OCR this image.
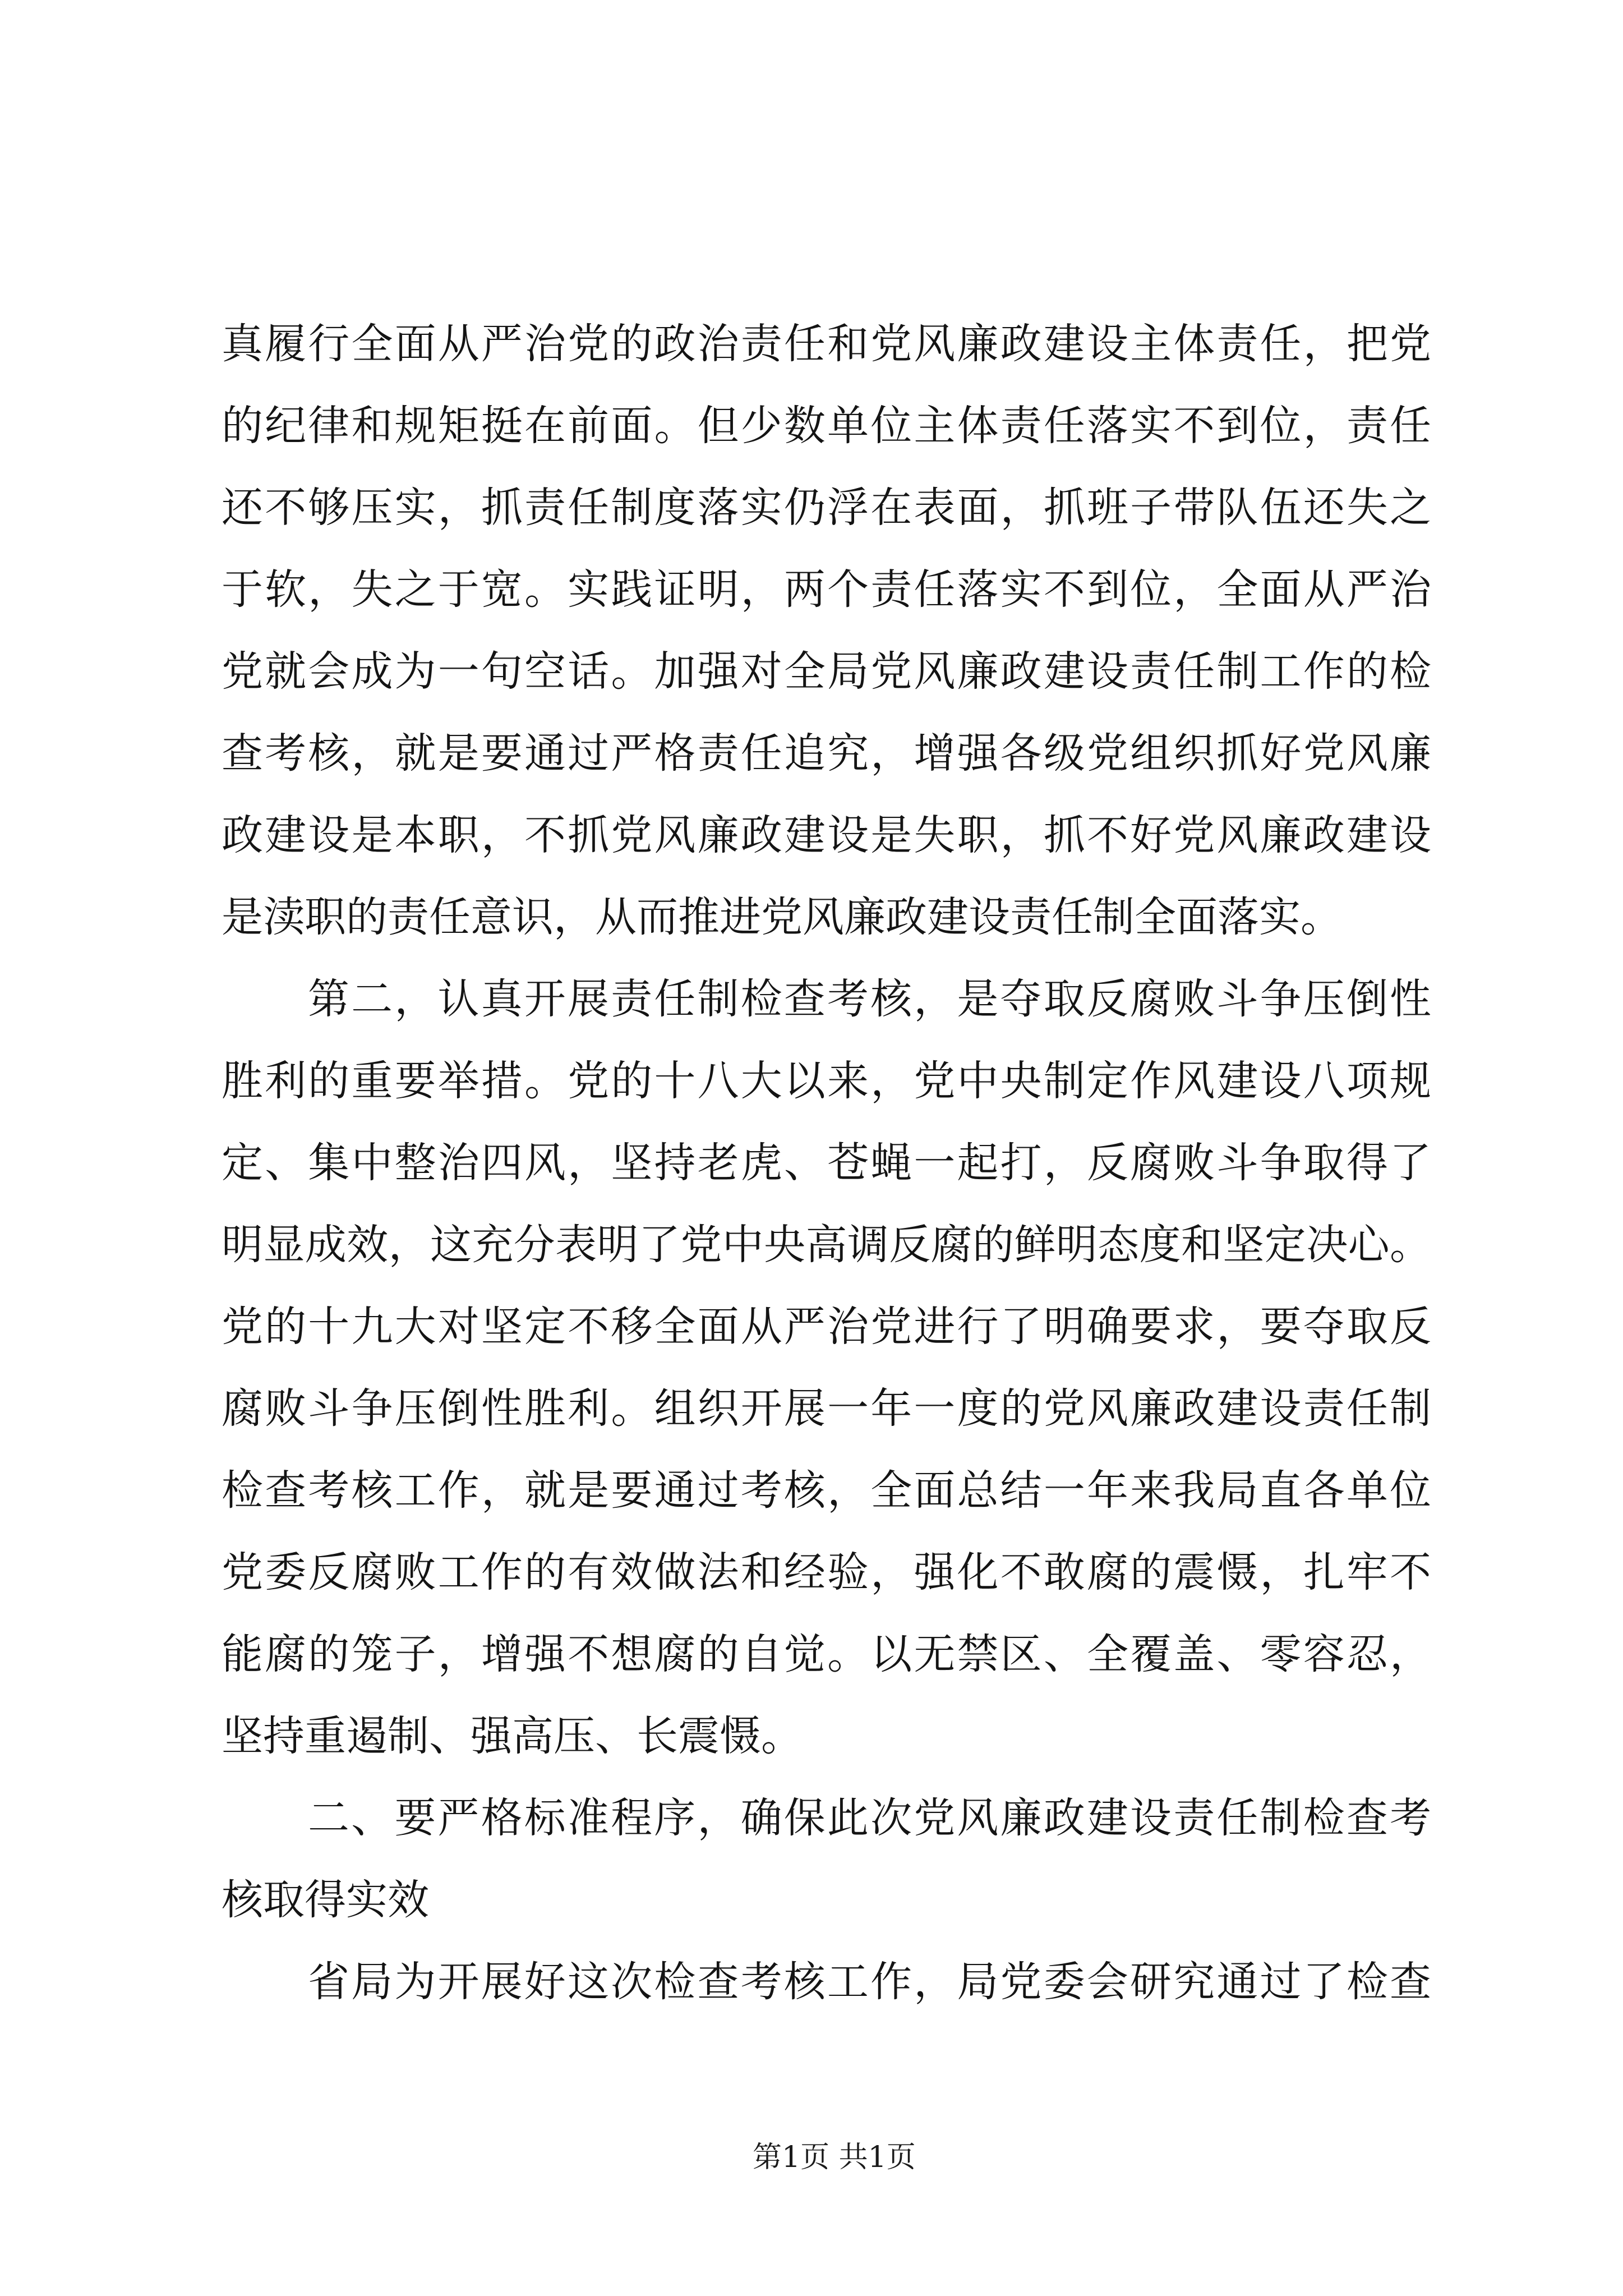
真履行全面从严治党的政治责任和党风廉政建设主体责任，把党
的纪律和规矩挺在前面。但少数单位主体责任落实不到位，责任
还不够压实，抓责任制度落实仍浮在表面，抓班子带队伍还失之
于软，失之于宽。实践证明，两个责任落实不到位，全面从严治
党就会成为一句空话。加强对全局党风廉政建设责任制工作的检
查考核，就是要通过严格责任追究，增强各级党组织抓好党风廉
政建设是本职，不抓党风廉政建设是失职，抓不好党风廉政建设
是渎职的责任意识，从而推进党风廉政建设责任制全面落实。
第二，认真开展责任制检查考核，是夺取反腐败斗争压倒性
胜利的重要举措。党的十八大以来，党中央制定作风建设八项规
定、集中整治四风，坚持老虎、苍蝇一起打，反腐败斗争取得了
明显成效，这充分表明了党中央高调反腐的鲜明态度和坚定决心。
党的十九大对坚定不移全面从严治党进行了明确要求，要夺取反
腐败斗争压倒性胜利。组织开展一年一度的党风廉政建设责任制
检查考核工作，就是要通过考核，全面总结一年来我局直各单位
党委反腐败工作的有效做法和经验，强化不敢腐的震慑，扎牢不
能腐的笼子，增强不想腐的自觉。以无禁区、全覆盖、零容忍，
坚持重遏制、强高压、长震慑。
二、要严格标准程序，确保此次党风廉政建设责任制检查考
核取得实效
省局为开展好这次检查考核工作，局党委会研究通过了检查
第1页 共1页
